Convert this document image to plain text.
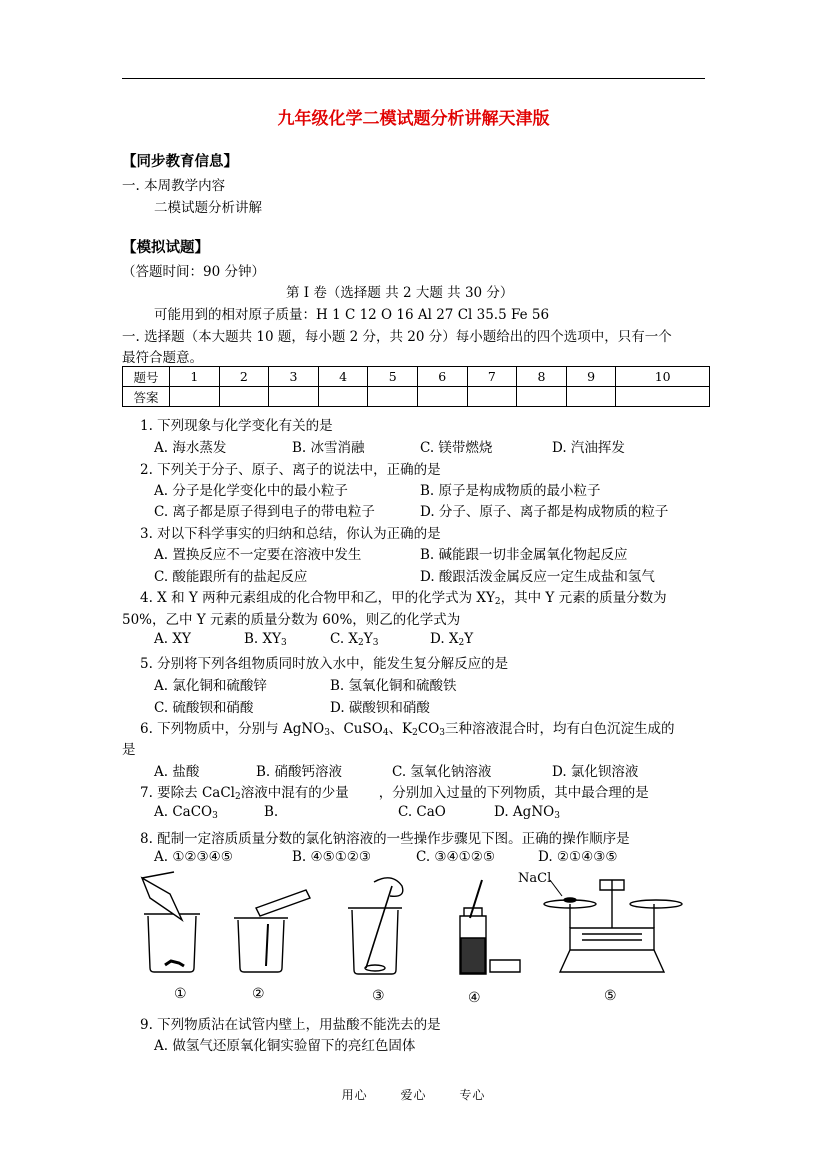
九年级化学二模试题分析讲解天津版
【同步教育信息】
一. 本周教学内容
二模试题分析讲解
【模拟试题】
（答题时间：90 分钟）
第 I 卷（选择题 共 2 大题 共 30 分）
可能用到的相对原子质量：H 1 C 12 O 16 Al 27 Cl 35.5 Fe 56
一. 选择题（本大题共 10 题，每小题 2 分，共 20 分）每小题给出的四个选项中，只有一个
最符合题意。
题号	1	2	3	4	5	6	7	8	9	10
答案										
1. 下列现象与化学变化有关的是
A. 海水蒸发	B. 冰雪消融	C. 镁带燃烧	D. 汽油挥发
2. 下列关于分子、原子、离子的说法中，正确的是
A. 分子是化学变化中的最小粒子	B. 原子是构成物质的最小粒子
C. 离子都是原子得到电子的带电粒子	D. 分子、原子、离子都是构成物质的粒子
3. 对以下科学事实的归纳和总结，你认为正确的是
A. 置换反应不一定要在溶液中发生	B. 碱能跟一切非金属氧化物起反应
C. 酸能跟所有的盐起反应	D. 酸跟活泼金属反应一定生成盐和氢气
4. X 和 Y 两种元素组成的化合物甲和乙，甲的化学式为 $XY_2$，其中 Y 元素的质量分数为
50%，乙中 Y 元素的质量分数为 60%，则乙的化学式为
A. XY	B. $XY_3$	C. $X_2Y_3$	D. $X_2Y$
5. 分别将下列各组物质同时放入水中，能发生复分解反应的是
A. 氯化铜和硫酸锌	B. 氢氧化铜和硫酸铁
C. 硫酸钡和硝酸	D. 碳酸钡和硝酸
6. 下列物质中，分别与 AgNO$_3$、CuSO$_4$、$K_2CO_3$三种溶液混合时，均有白色沉淀生成的
是
A. 盐酸	B. 硝酸钙溶液	C. 氢氧化钠溶液	D. 氯化钡溶液
7. 要除去 CaCl$_2$溶液中混有的少量 ，分别加入过量的下列物质，其中最合理的是
A. CaCO$_3$	B.	C. CaO	D. AgNO$_3$
8. 配制一定溶质质量分数的氯化钠溶液的一些操作步骤见下图。正确的操作顺序是
A. ①②③④⑤	B. ④⑤①②③	C. ③④①②⑤	D. ②①④③⑤
NaCl
①	②	③	④	⑤
9. 下列物质沾在试管内壁上，用盐酸不能洗去的是
A. 做氢气还原氧化铜实验留下的亮红色固体
用心	爱心	专心
